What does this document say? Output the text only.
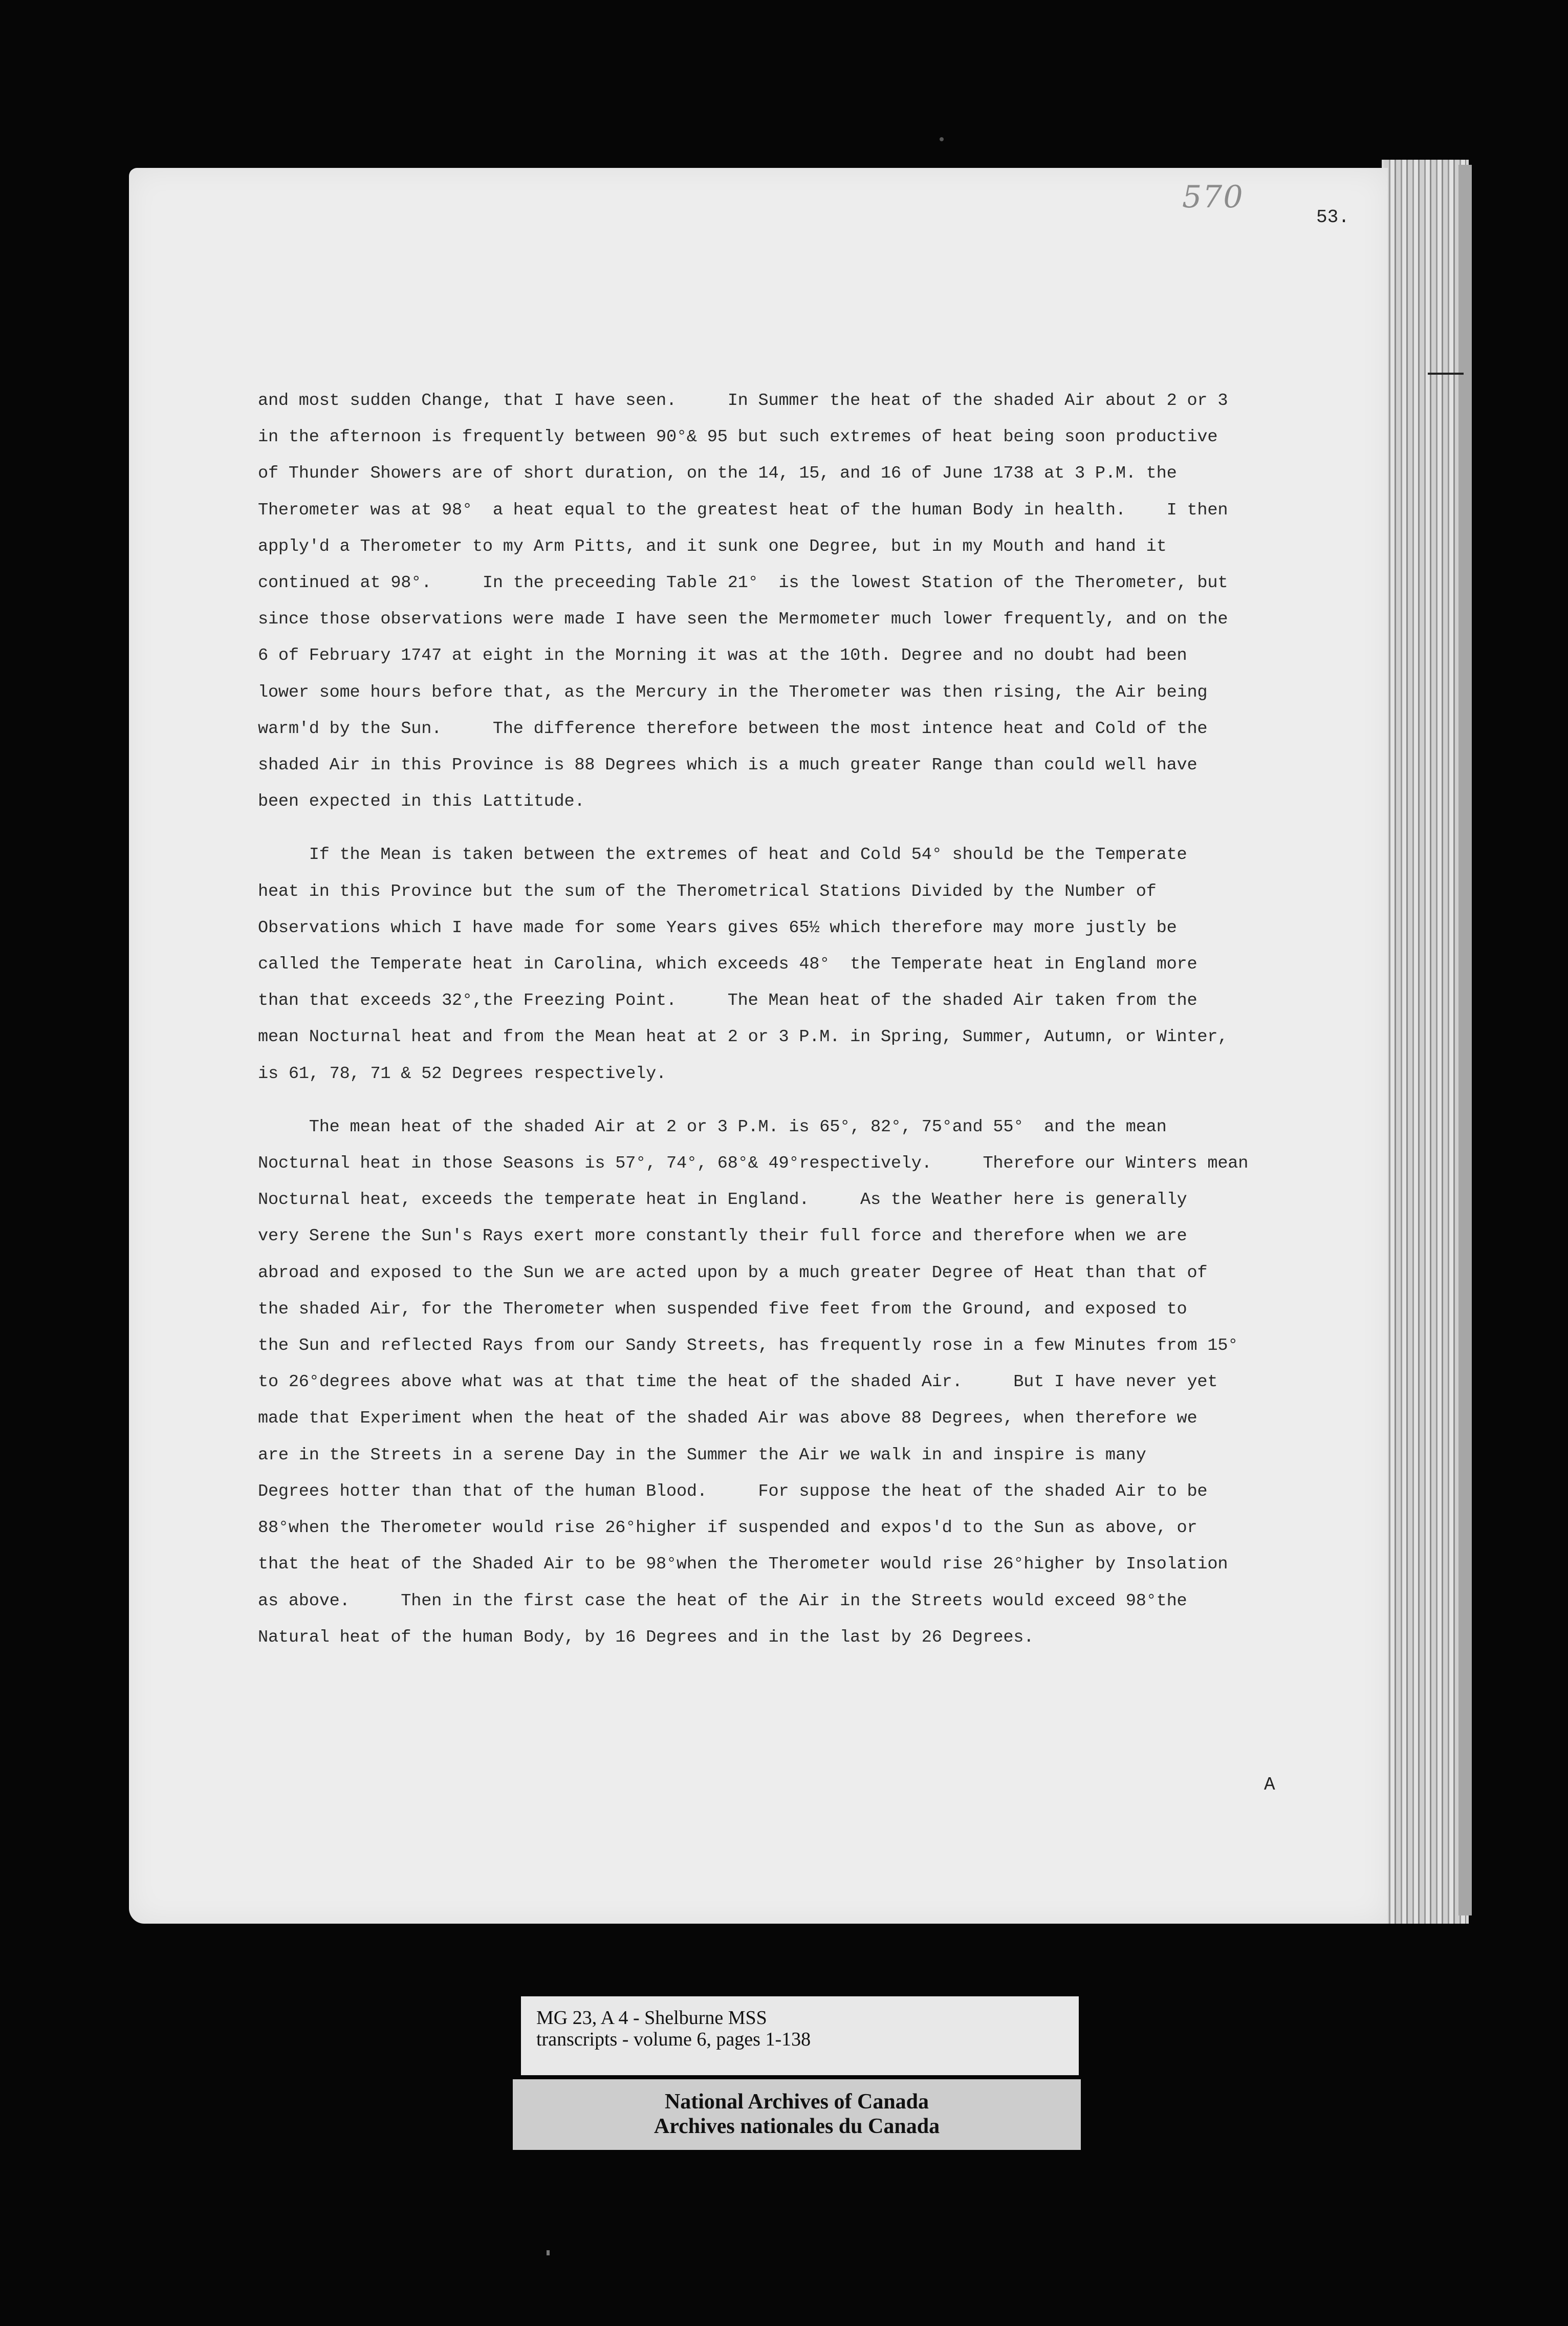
570
53.
and most sudden Change, that I have seen.     In Summer the heat of the shaded Air about 2 or 3
in the afternoon is frequently between 90°& 95 but such extremes of heat being soon productive
of Thunder Showers are of short duration, on the 14, 15, and 16 of June 1738 at 3 P.M. the
Therometer was at 98°  a heat equal to the greatest heat of the human Body in health.    I then
apply'd a Therometer to my Arm Pitts, and it sunk one Degree, but in my Mouth and hand it
continued at 98°.     In the preceeding Table 21°  is the lowest Station of the Therometer, but
since those observations were made I have seen the Mermometer much lower frequently, and on the
6 of February 1747 at eight in the Morning it was at the 10th. Degree and no doubt had been
lower some hours before that, as the Mercury in the Therometer was then rising, the Air being
warm'd by the Sun.     The difference therefore between the most intence heat and Cold of the
shaded Air in this Province is 88 Degrees which is a much greater Range than could well have
been expected in this Lattitude.
If the Mean is taken between the extremes of heat and Cold 54° should be the Temperate
heat in this Province but the sum of the Therometrical Stations Divided by the Number of
Observations which I have made for some Years gives 65½ which therefore may more justly be
called the Temperate heat in Carolina, which exceeds 48°  the Temperate heat in England more
than that exceeds 32°,the Freezing Point.     The Mean heat of the shaded Air taken from the
mean Nocturnal heat and from the Mean heat at 2 or 3 P.M. in Spring, Summer, Autumn, or Winter,
is 61, 78, 71 & 52 Degrees respectively.
The mean heat of the shaded Air at 2 or 3 P.M. is 65°, 82°, 75°and 55°  and the mean
Nocturnal heat in those Seasons is 57°, 74°, 68°& 49°respectively.     Therefore our Winters mean
Nocturnal heat, exceeds the temperate heat in England.     As the Weather here is generally
very Serene the Sun's Rays exert more constantly their full force and therefore when we are
abroad and exposed to the Sun we are acted upon by a much greater Degree of Heat than that of
the shaded Air, for the Therometer when suspended five feet from the Ground, and exposed to
the Sun and reflected Rays from our Sandy Streets, has frequently rose in a few Minutes from 15°
to 26°degrees above what was at that time the heat of the shaded Air.     But I have never yet
made that Experiment when the heat of the shaded Air was above 88 Degrees, when therefore we
are in the Streets in a serene Day in the Summer the Air we walk in and inspire is many
Degrees hotter than that of the human Blood.     For suppose the heat of the shaded Air to be
88°when the Therometer would rise 26°higher if suspended and expos'd to the Sun as above, or
that the heat of the Shaded Air to be 98°when the Therometer would rise 26°higher by Insolation
as above.     Then in the first case the heat of the Air in the Streets would exceed 98°the
Natural heat of the human Body, by 16 Degrees and in the last by 26 Degrees.
A
MG 23, A 4 - Shelburne MSS
transcripts - volume 6, pages 1-138
National Archives of Canada
Archives nationales du Canada
